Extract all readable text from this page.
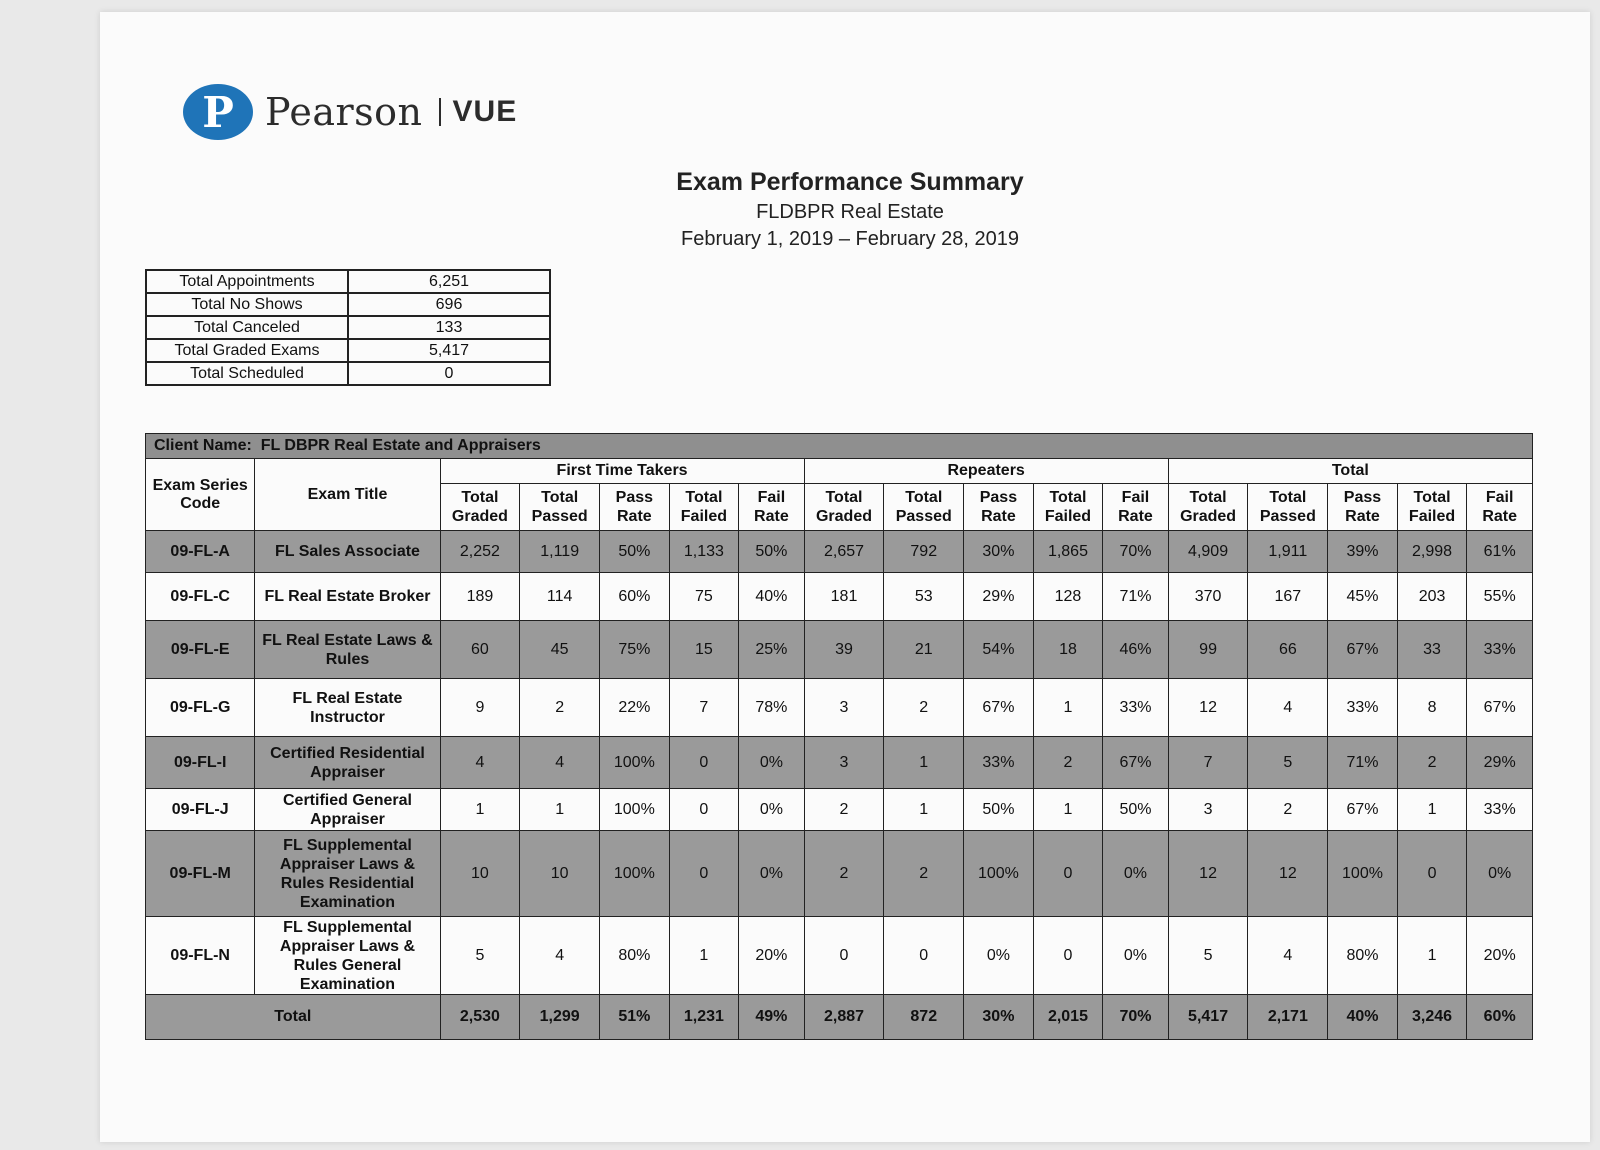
P Pearson VUE
Exam Performance Summary
FLDBPR Real Estate
February 1, 2019 – February 28, 2019
Total Appointments	6,251
Total No Shows	696
Total Canceled	133
Total Graded Exams	5,417
Total Scheduled	0
Client Name: FL DBPR Real Estate and Appraisers																
Exam Series Code	Exam Title	First Time Takers					Repeaters					Total				
		Total Graded	Total Passed	Pass Rate	Total Failed	Fail Rate	Total Graded	Total Passed	Pass Rate	Total Failed	Fail Rate	Total Graded	Total Passed	Pass Rate	Total Failed	Fail Rate
09-FL-A	FL Sales Associate	2,252	1,119	50%	1,133	50%	2,657	792	30%	1,865	70%	4,909	1,911	39%	2,998	61%
09-FL-C	FL Real Estate Broker	189	114	60%	75	40%	181	53	29%	128	71%	370	167	45%	203	55%
09-FL-E	FL Real Estate Laws & Rules	60	45	75%	15	25%	39	21	54%	18	46%	99	66	67%	33	33%
09-FL-G	FL Real Estate Instructor	9	2	22%	7	78%	3	2	67%	1	33%	12	4	33%	8	67%
09-FL-I	Certified Residential Appraiser	4	4	100%	0	0%	3	1	33%	2	67%	7	5	71%	2	29%
09-FL-J	Certified General Appraiser	1	1	100%	0	0%	2	1	50%	1	50%	3	2	67%	1	33%
09-FL-M	FL Supplemental Appraiser Laws & Rules Residential Examination	10	10	100%	0	0%	2	2	100%	0	0%	12	12	100%	0	0%
09-FL-N	FL Supplemental Appraiser Laws & Rules General Examination	5	4	80%	1	20%	0	0	0%	0	0%	5	4	80%	1	20%
Total		2,530	1,299	51%	1,231	49%	2,887	872	30%	2,015	70%	5,417	2,171	40%	3,246	60%
